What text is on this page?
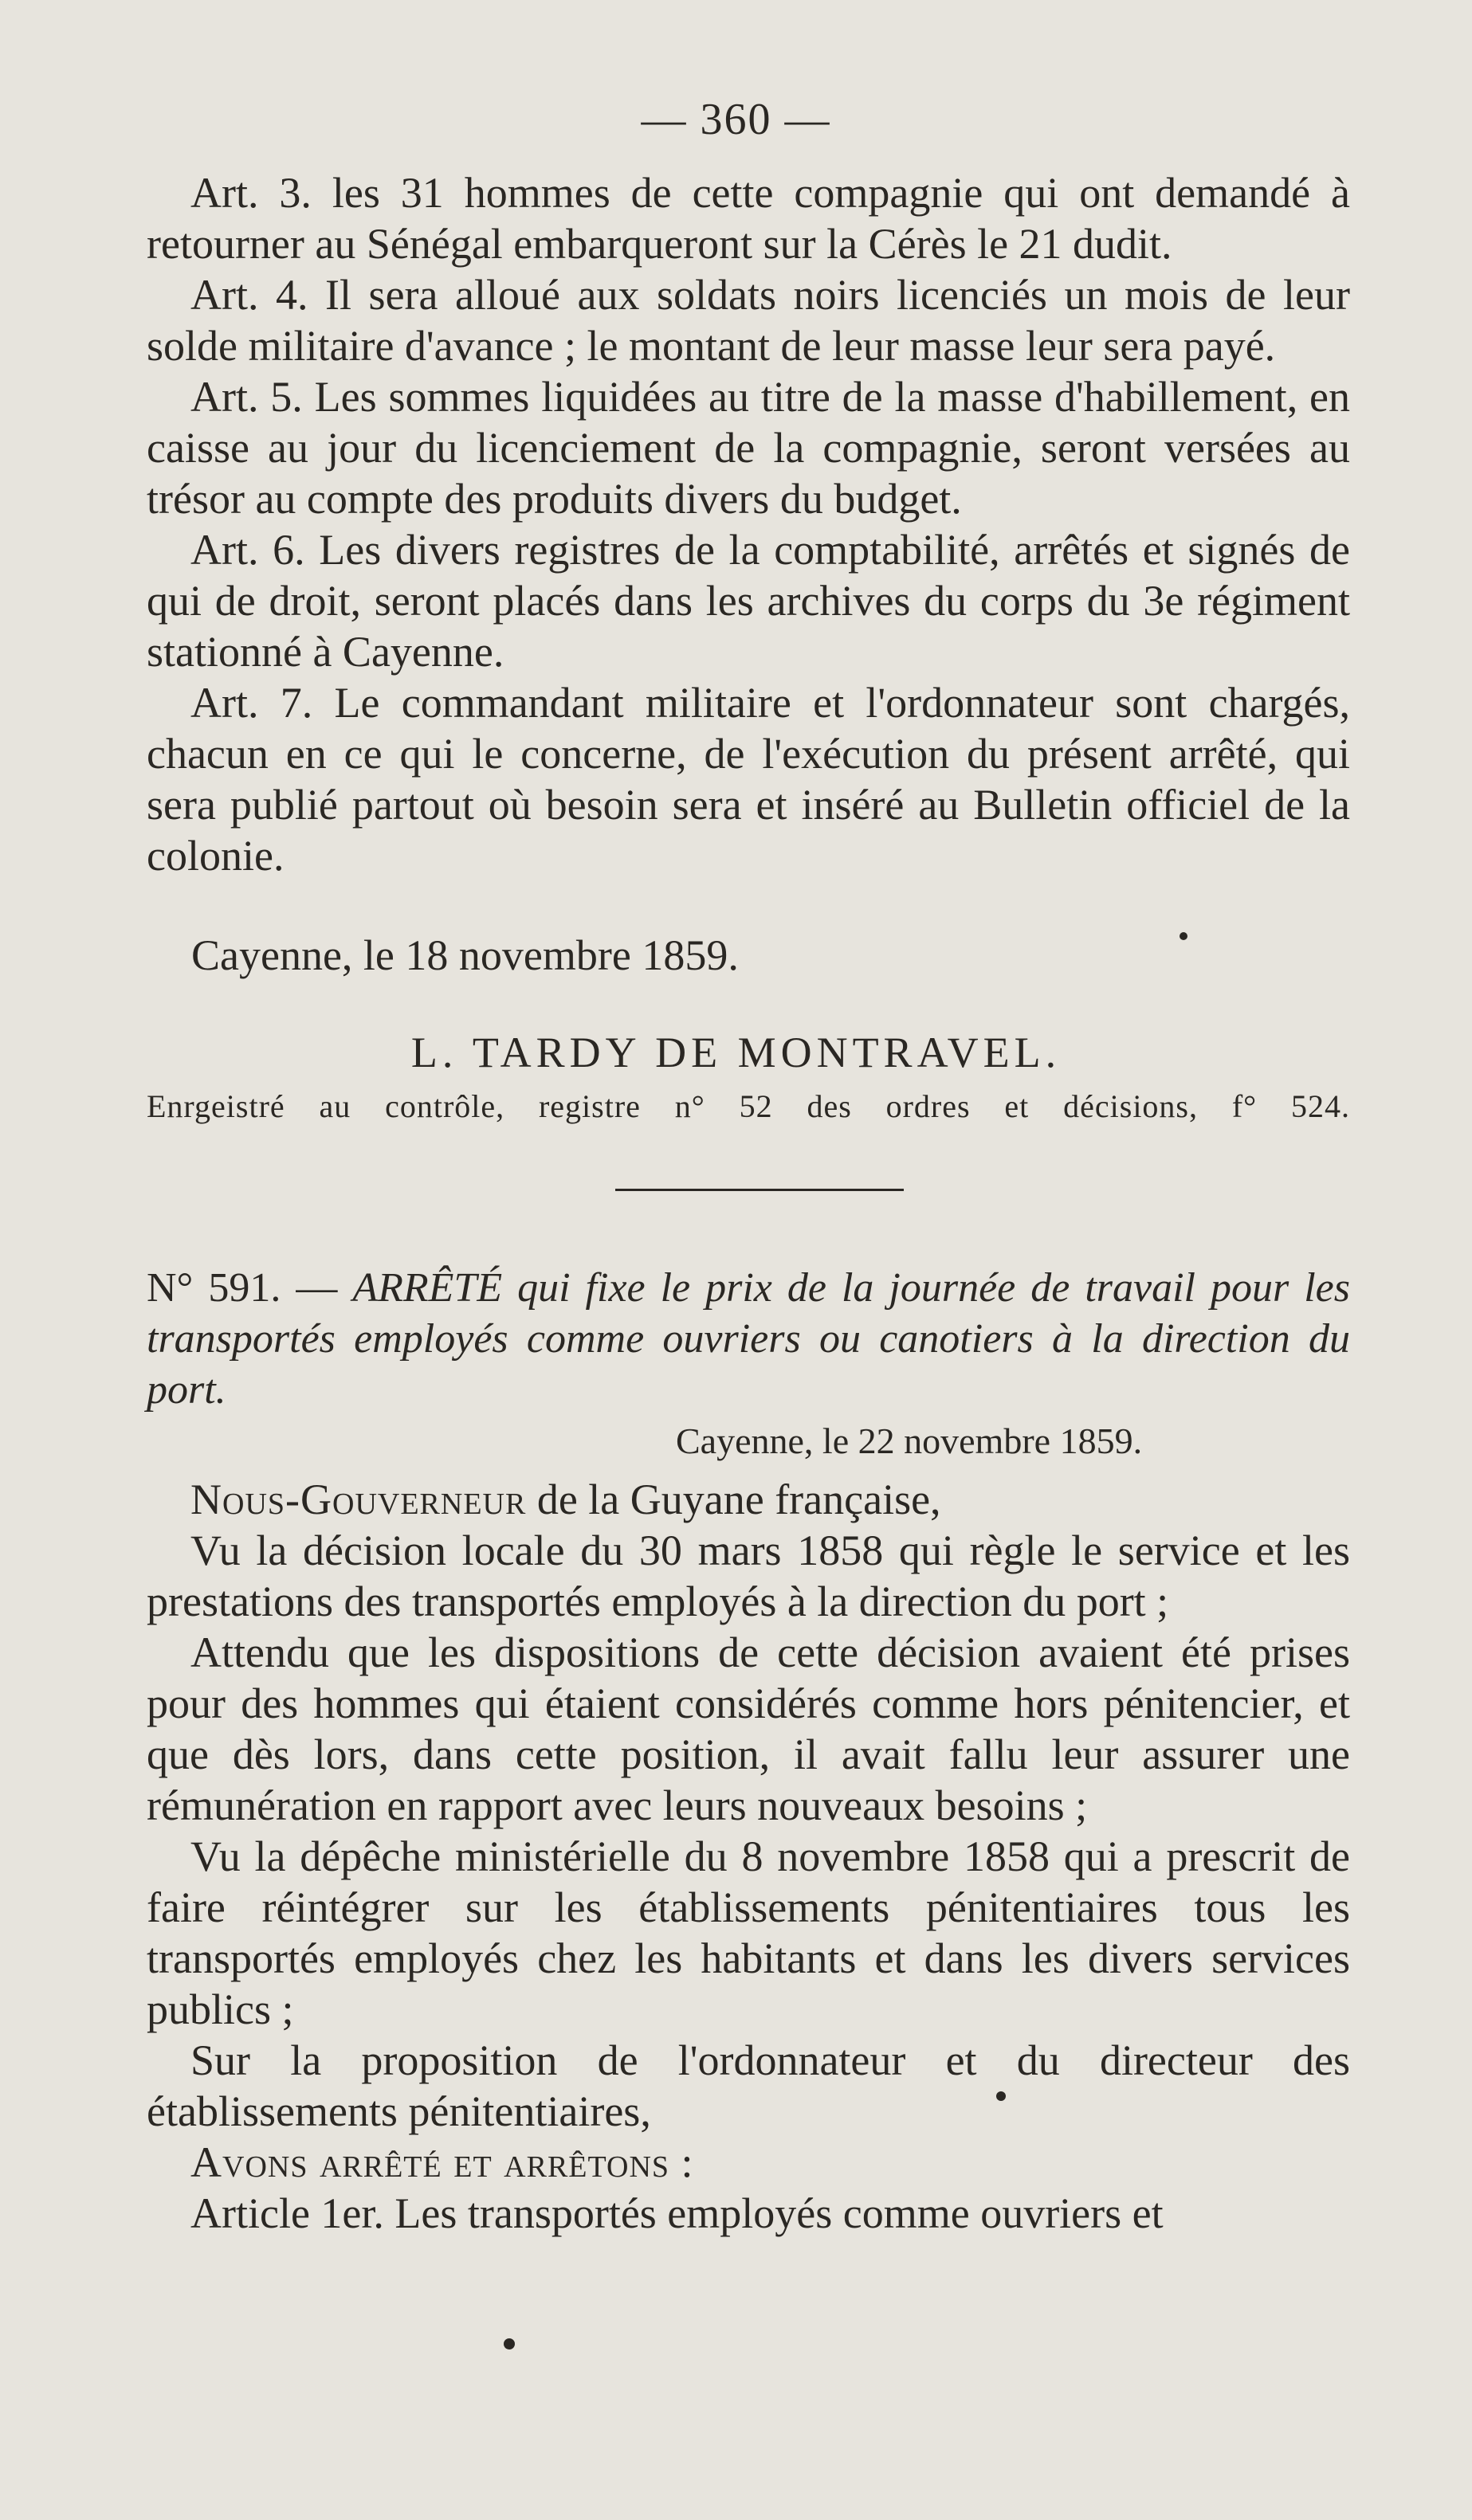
— 360 —

Art. 3. les 31 hommes de cette compagnie qui ont demandé à retourner au Sénégal embarqueront sur la Cérès le 21 dudit.

Art. 4. Il sera alloué aux soldats noirs licenciés un mois de leur solde militaire d'avance ; le montant de leur masse leur sera payé.

Art. 5. Les sommes liquidées au titre de la masse d'habillement, en caisse au jour du licenciement de la compagnie, seront versées au trésor au compte des produits divers du budget.

Art. 6. Les divers registres de la comptabilité, arrêtés et signés de qui de droit, seront placés dans les archives du corps du 3e régiment stationné à Cayenne.

Art. 7. Le commandant militaire et l'ordonnateur sont chargés, chacun en ce qui le concerne, de l'exécution du présent arrêté, qui sera publié partout où besoin sera et inséré au Bulletin officiel de la colonie.

Cayenne, le 18 novembre 1859.
L. TARDY DE MONTRAVEL.
Enrgeistré au contrôle, registre n° 52 des ordres et décisions, f° 524.
N° 591. — ARRÊTÉ qui fixe le prix de la journée de travail pour les transportés employés comme ouvriers ou canotiers à la direction du port.
Cayenne, le 22 novembre 1859.

Nous-Gouverneur de la Guyane française,

Vu la décision locale du 30 mars 1858 qui règle le service et les prestations des transportés employés à la direction du port ;

Attendu que les dispositions de cette décision avaient été prises pour des hommes qui étaient considérés comme hors pénitencier, et que dès lors, dans cette position, il avait fallu leur assurer une rémunération en rapport avec leurs nouveaux besoins ;

Vu la dépêche ministérielle du 8 novembre 1858 qui a prescrit de faire réintégrer sur les établissements pénitentiaires tous les transportés employés chez les habitants et dans les divers services publics ;

Sur la proposition de l'ordonnateur et du directeur des établissements pénitentiaires,

Avons arrêté et arrêtons :

Article 1er. Les transportés employés comme ouvriers et
